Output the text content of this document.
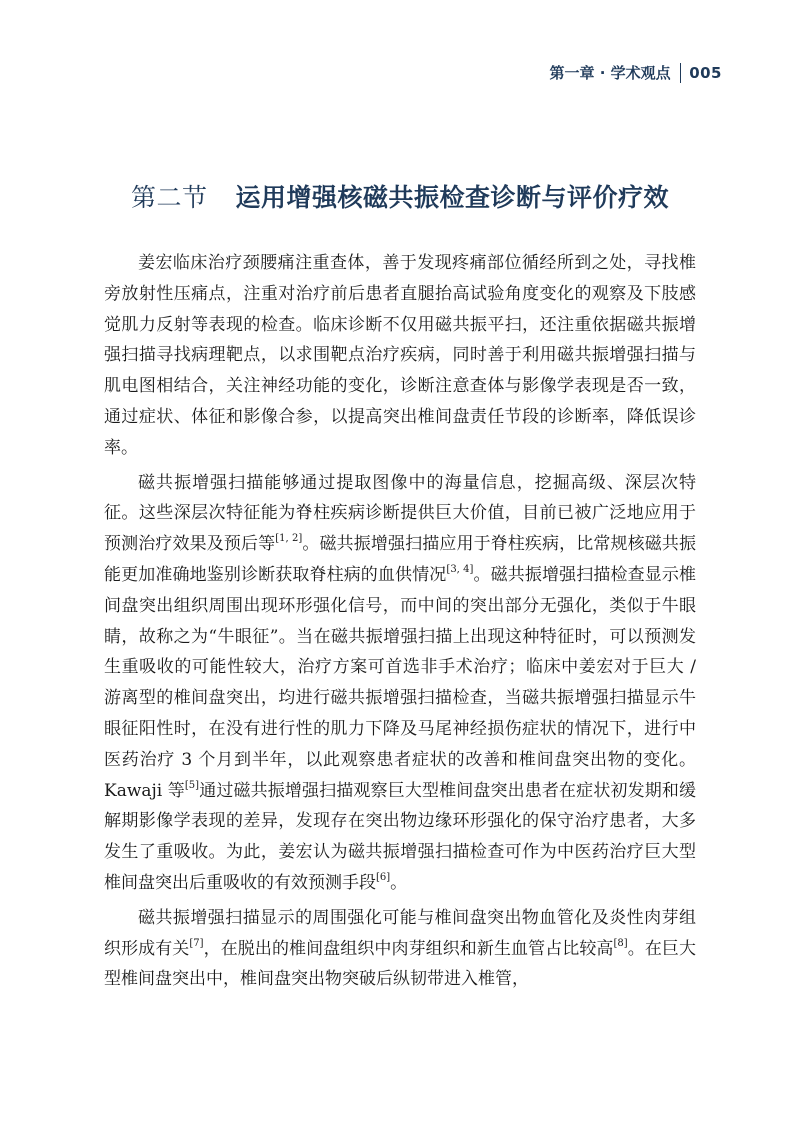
第一章 · 学术观点 005
第二节 运用增强核磁共振检查诊断与评价疗效

姜宏临床治疗颈腰痛注重查体，善于发现疼痛部位循经所到之处，寻找椎旁放射性压痛点，注重对治疗前后患者直腿抬高试验角度变化的观察及下肢感觉肌力反射等表现的检查。临床诊断不仅用磁共振平扫，还注重依据磁共振增强扫描寻找病理靶点，以求围靶点治疗疾病，同时善于利用磁共振增强扫描与肌电图相结合，关注神经功能的变化，诊断注意查体与影像学表现是否一致，通过症状、体征和影像合参，以提高突出椎间盘责任节段的诊断率，降低误诊率。

磁共振增强扫描能够通过提取图像中的海量信息，挖掘高级、深层次特征。这些深层次特征能为脊柱疾病诊断提供巨大价值，目前已被广泛地应用于预测治疗效果及预后等[1, 2]。磁共振增强扫描应用于脊柱疾病，比常规核磁共振能更加准确地鉴别诊断获取脊柱病的血供情况[3, 4]。磁共振增强扫描检查显示椎间盘突出组织周围出现环形强化信号，而中间的突出部分无强化，类似于牛眼睛，故称之为“牛眼征”。当在磁共振增强扫描上出现这种特征时，可以预测发生重吸收的可能性较大，治疗方案可首选非手术治疗；临床中姜宏对于巨大 / 游离型的椎间盘突出，均进行磁共振增强扫描检查，当磁共振增强扫描显示牛眼征阳性时，在没有进行性的肌力下降及马尾神经损伤症状的情况下，进行中医药治疗 3 个月到半年，以此观察患者症状的改善和椎间盘突出物的变化。Kawaji 等[5]通过磁共振增强扫描观察巨大型椎间盘突出患者在症状初发期和缓解期影像学表现的差异，发现存在突出物边缘环形强化的保守治疗患者，大多发生了重吸收。为此，姜宏认为磁共振增强扫描检查可作为中医药治疗巨大型椎间盘突出后重吸收的有效预测手段[6]。

磁共振增强扫描显示的周围强化可能与椎间盘突出物血管化及炎性肉芽组织形成有关[7]，在脱出的椎间盘组织中肉芽组织和新生血管占比较高[8]。在巨大型椎间盘突出中，椎间盘突出物突破后纵韧带进入椎管，
